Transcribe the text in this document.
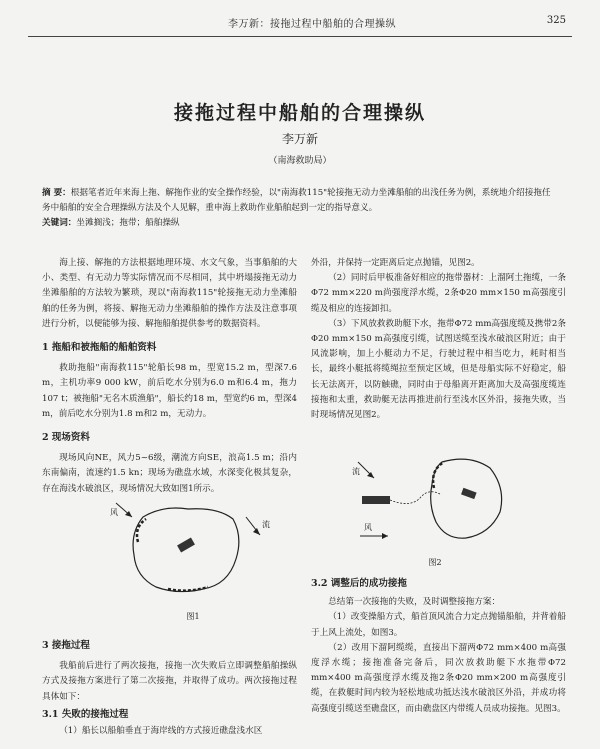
李万新：接拖过程中船舶的合理操纵	325
接拖过程中船舶的合理操纵
李万新
（南海救助局）
摘 要：根据笔者近年来海上拖、解拖作业的安全操作经验，以"南海救115"轮接拖无动力坐滩船舶的出浅任务为例，系统地介绍接拖任务中船舶的安全合理操纵方法及个人见解，重申海上救助作业船舶起到一定的指导意义。
关键词：坐滩搁浅；拖带；船舶操纵

海上接、解拖的方法根据地理环境、水文气象，当事船舶的大小、类型、有无动力等实际情况而不尽相同，其中坍塌接拖无动力坐滩船舶的方法较为繁琐，现以"南海救115"轮接拖无动力坐滩船舶的任务为例，将接、解拖无动力坐滩船舶的操作方法及注意事项进行分析，以便能够为接、解拖船舶提供参考的数据资料。

1 拖船和被拖船的船舶资料

救助拖船"南海救115"轮船长98 m，型宽15.2 m，型深7.6 m，主机功率9 000 kW，前后吃水分别为6.0 m和6.4 m，拖力107 t；被拖船"无名木质渔船"，船长约18 m，型宽约6 m，型深4 m，前后吃水分别为1.8 m和2 m，无动力。

2 现场资料

现场风向NE，风力5~6级，潮流方向SE，浪高1.5 m；沿内东南偏南，流速约1.5 kn；现场为礁盘水域，水深变化极其复杂，存在海浅水破浪区，现场情况大致如图1所示。

风
流
图1
3 接拖过程

我船前后进行了两次接拖，接拖一次失败后立即调整船舶操纵方式及接拖方案进行了第二次接拖，并取得了成功。两次接拖过程具体如下：

3.1 失败的接拖过程

（1）船长以船舶垂直于海岸线的方式接近礁盘浅水区

外沿，并保持一定距离后定点抛锚，见图2。

（2）同时后甲板准备好相应的拖带器材：上溜阿土拖缆，一条Φ72 mm×220 m尚强度浮水缆，2条Φ20 mm×150 m高强度引缆及相应的连接卸扣。

（3）下风放救救助艇下水，拖带Φ72 mm高强度缆及携带2条Φ20 mm×150 m高强度引缆，试图送缆至浅水破浪区附近；由于风流影响，加上小艇动力不足，行驶过程中相当吃力，耗时相当长，最终小艇抵将缆绳拉至预定区域，但是母船实际不好稳定，船长无法离开，以防触礁，同时由于母船离开距离加大及高强度缆连接拖和太重，救助艇无法再推进前行至浅水区外沿，接拖失败，当时现场情况见图2。

风
流
图2
3.2 调整后的成功接拖

总结第一次接拖的失败，及时调整接拖方案：

（1）改变操船方式，船首顶风流合力定点抛锚船舶，并背着船于上风上流处，如图3。

（2）改用下溜阿缆缆，直接出下溜两Φ72 mm×400 m高强度浮水缆；接拖准备完备后，同次放救助艇下水拖带Φ72 mm×400 m高强度浮水缆及拖2条Φ20 mm×200 m高强度引缆，在救艇时间内较为轻松地成功抵达浅水破浪区外沿，并成功将高强度引缆送至礁盘区，而由礁盘区内带缆人员成功接拖。见图3。
